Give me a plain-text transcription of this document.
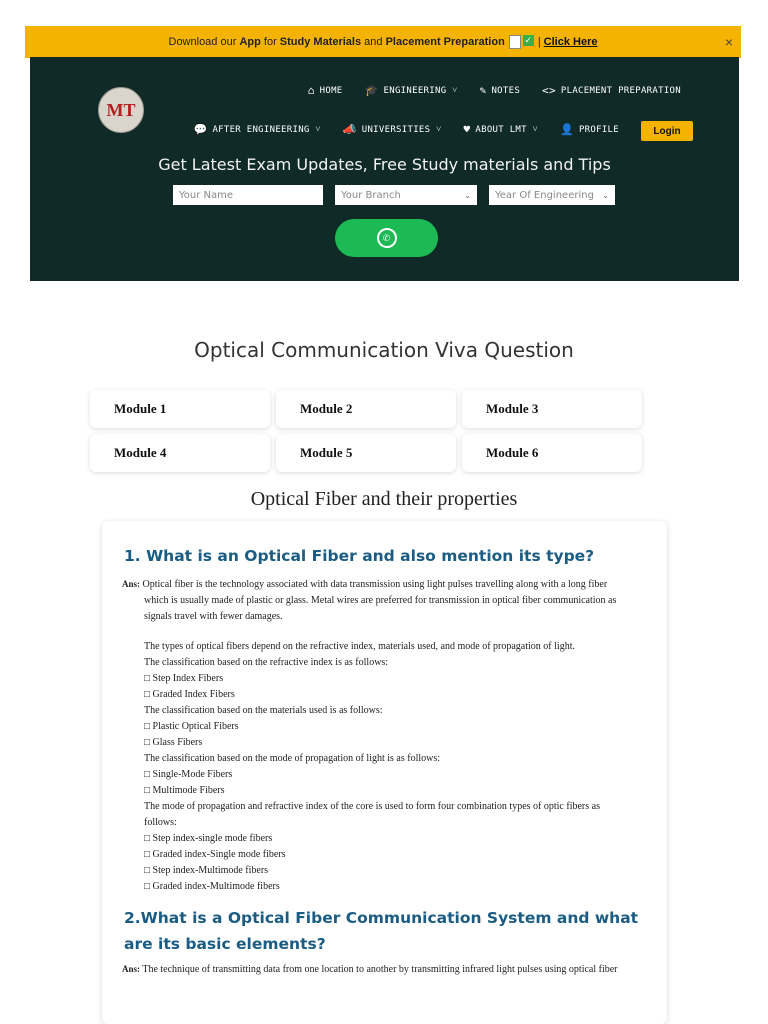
Download our
App
for
Study Materials
and
Placement Preparation ✓ | Click Here	×
MT
⌂ HOME 🎓 ENGINEERING ˅ ✎ NOTES <> PLACEMENT PREPARATION
💬 AFTER ENGINEERING ˅ 📣 UNIVERSITIES ˅ ♥ ABOUT LMT ˅ 👤 PROFILE	Login
Get Latest Exam Updates, Free Study materials and Tips
Your Name	Your Branch	⌄ Year Of Engineering ⌄
✆
Optical Communication Viva Question
Module 1	Module 2	Module 3
Module 4	Module 5	Module 6
Optical Fiber and their properties
1. What is an Optical Fiber and also mention its type?

Ans: Optical fiber is the technology associated with data transmission using light pulses travelling along with a long fiber

which is usually made of plastic or glass. Metal wires are preferred for transmission in optical fiber communication as

signals travel with fewer damages.

The types of optical fibers depend on the refractive index, materials used, and mode of propagation of light.

The classification based on the refractive index is as follows:

□ Step Index Fibers

□ Graded Index Fibers

The classification based on the materials used is as follows:

□ Plastic Optical Fibers

□ Glass Fibers

The classification based on the mode of propagation of light is as follows:

□ Single-Mode Fibers

□ Multimode Fibers

The mode of propagation and refractive index of the core is used to form four combination types of optic fibers as

follows:

□ Step index-single mode fibers

□ Graded index-Single mode fibers

□ Step index-Multimode fibers

□ Graded index-Multimode fibers

2.What is a Optical Fiber Communication System and what are its basic elements?
Ans: The technique of transmitting data from one location to another by transmitting infrared light pulses using optical fiber
